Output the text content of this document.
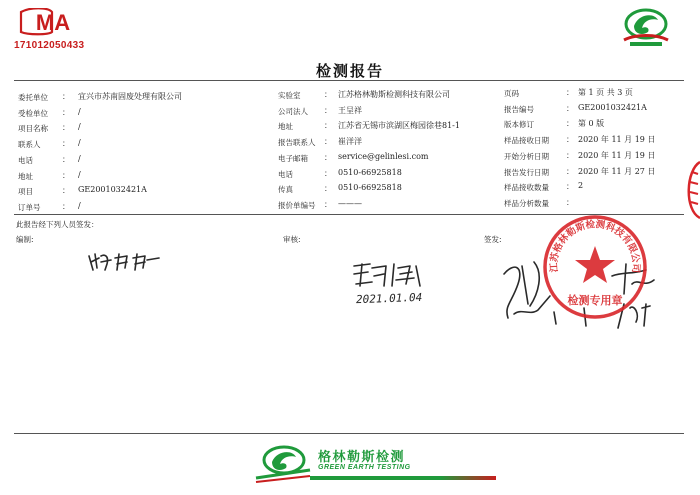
MA
171012050433
检测报告
委托单位 ： 宜兴市苏南固废处理有限公司
受检单位 ： /
项目名称 ： /
联系人	： /
电话	： /
地址	： /
项目	： GE2001032421A
订单号	： /
实验室	： 江苏格林勒斯检测科技有限公司
公司法人 ： 王呈祥
地址	： 江苏省无锡市滨湖区梅园徐巷81-1
报告联系人 ： 崔洋洋
电子邮箱 ： service@gelinlesi.com
电话	： 0510-66925818
传真	： 0510-66925818
报价单编号 ： ———
页码	： 第 1 页 共 3 页
报告编号	： GE2001032421A
版本修订	： 第 0 版
样品接收日期 ： 2020 年 11 月 19 日
开始分析日期 ： 2020 年 11 月 19 日
报告发行日期 ： 2020 年 11 月 27 日
样品接收数量 ： 2
样品分析数量 ：
此报告经下列人员签发：
编制:	审核:	签发:
2021.01.04
江苏格林勒斯检测科技有限公司
检测专用章
格林勒斯检测
GREEN EARTH TESTING
